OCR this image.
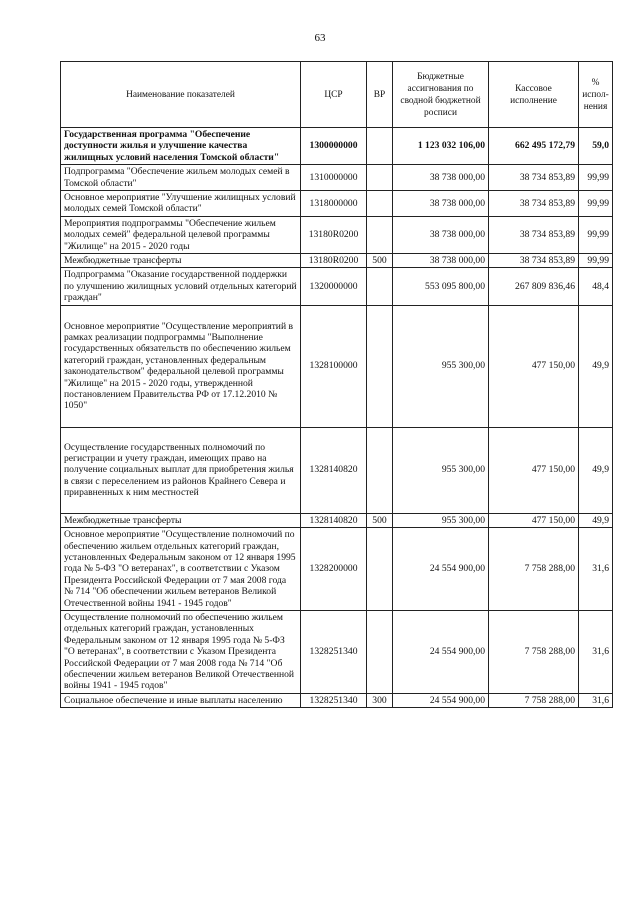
63
Наименование показателей	ЦСР	ВР	Бюджетные ассигнования по сводной бюджетной росписи	Кассовое исполнение	% испол-нения
Государственная программа "Обеспечение доступности жилья и улучшение качества жилищных условий населения Томской области"	1300000000		1 123 032 106,00	662 495 172,79	59,0
Подпрограмма "Обеспечение жильем молодых семей в Томской области"	1310000000		38 738 000,00	38 734 853,89	99,99
Основное мероприятие "Улучшение жилищных условий молодых семей Томской области"	1318000000		38 738 000,00	38 734 853,89	99,99
Мероприятия подпрограммы "Обеспечение жильем молодых семей" федеральной целевой программы "Жилище" на 2015 - 2020 годы	13180R0200		38 738 000,00	38 734 853,89	99,99
Межбюджетные трансферты	13180R0200	500	38 738 000,00	38 734 853,89	99,99
Подпрограмма "Оказание государственной поддержки по улучшению жилищных условий отдельных категорий граждан"	1320000000		553 095 800,00	267 809 836,46	48,4
Основное мероприятие "Осуществление мероприятий в рамках реализации подпрограммы "Выполнение государственных обязательств по обеспечению жильем категорий граждан, установленных федеральным законодательством" федеральной целевой программы "Жилище" на 2015 - 2020 годы, утвержденной постановлением Правительства РФ от 17.12.2010 № 1050"	1328100000		955 300,00	477 150,00	49,9
Осуществление государственных полномочий по регистрации и учету граждан, имеющих право на получение социальных выплат для приобретения жилья в связи с переселением из районов Крайнего Севера и приравненных к ним местностей	1328140820		955 300,00	477 150,00	49,9
Межбюджетные трансферты	1328140820	500	955 300,00	477 150,00	49,9
Основное мероприятие "Осуществление полномочий по обеспечению жильем отдельных категорий граждан, установленных Федеральным законом от 12 января 1995 года № 5-ФЗ "О ветеранах", в соответствии с Указом Президента Российской Федерации от 7 мая 2008 года № 714 "Об обеспечении жильем ветеранов Великой Отечественной войны 1941 - 1945 годов"	1328200000		24 554 900,00	7 758 288,00	31,6
Осуществление полномочий по обеспечению жильем отдельных категорий граждан, установленных Федеральным законом от 12 января 1995 года № 5-ФЗ "О ветеранах", в соответствии с Указом Президента Российской Федерации от 7 мая 2008 года № 714 "Об обеспечении жильем ветеранов Великой Отечественной войны 1941 - 1945 годов"	1328251340		24 554 900,00	7 758 288,00	31,6
Социальное обеспечение и иные выплаты населению	1328251340	300	24 554 900,00	7 758 288,00	31,6
